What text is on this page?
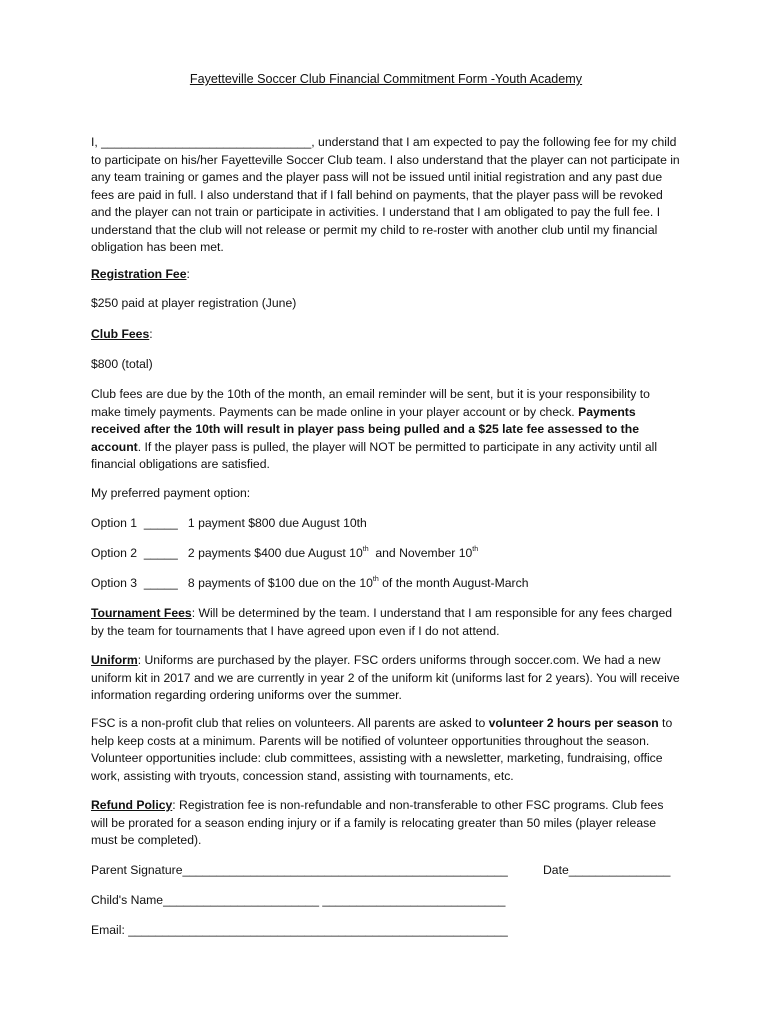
Fayetteville Soccer Club Financial Commitment Form -Youth Academy

I, _______________________________, understand that I am expected to pay the following fee for my child to participate on his/her Fayetteville Soccer Club team. I also understand that the player can not participate in any team training or games and the player pass will not be issued until initial registration and any past due fees are paid in full. I also understand that if I fall behind on payments, that the player pass will be revoked and the player can not train or participate in activities. I understand that I am obligated to pay the full fee. I understand that the club will not release or permit my child to re-roster with another club until my financial obligation has been met.

Registration Fee:

$250 paid at player registration (June)

Club Fees:

$800 (total)

Club fees are due by the 10th of the month, an email reminder will be sent, but it is your responsibility to make timely payments. Payments can be made online in your player account or by check. Payments received after the 10th will result in player pass being pulled and a $25 late fee assessed to the account. If the player pass is pulled, the player will NOT be permitted to participate in any activity until all financial obligations are satisfied.

My preferred payment option:

Option 1  _____ 1 payment $800 due August 10th
Option 2  _____ 2 payments $400 due August 10th  and November 10th
Option 3  _____ 8 payments of $100 due on the 10th of the month August-March

Tournament Fees: Will be determined by the team. I understand that I am responsible for any fees charged by the team for tournaments that I have agreed upon even if I do not attend.

Uniform: Uniforms are purchased by the player. FSC orders uniforms through soccer.com. We had a new uniform kit in 2017 and we are currently in year 2 of the uniform kit (uniforms last for 2 years). You will receive information regarding ordering uniforms over the summer.

FSC is a non-profit club that relies on volunteers. All parents are asked to volunteer 2 hours per season to help keep costs at a minimum. Parents will be notified of volunteer opportunities throughout the season. Volunteer opportunities include: club committees, assisting with a newsletter, marketing, fundraising, office work, assisting with tryouts, concession stand, assisting with tournaments, etc.

Refund Policy: Registration fee is non-refundable and non-transferable to other FSC programs. Club fees will be prorated for a season ending injury or if a family is relocating greater than 50 miles (player release must be completed).

Parent Signature________________________________________________	Date_______________
Child's Name_______________________ ___________________________
Email: ________________________________________________________
